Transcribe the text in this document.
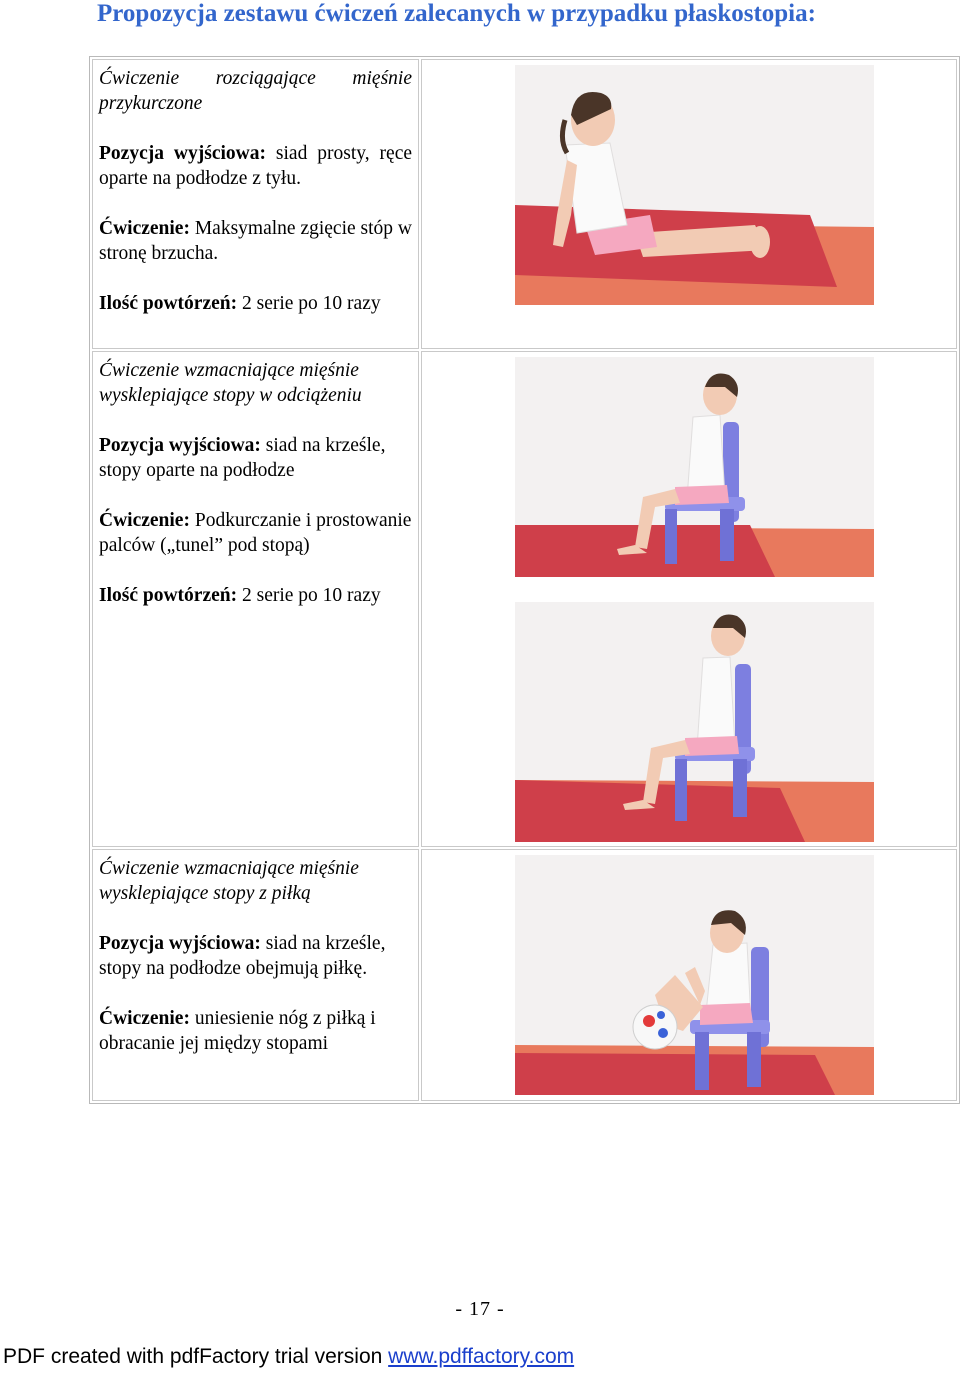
Propozycja zestawu ćwiczeń zalecanych w przypadku płaskostopia:

Ćwiczenie rozciągające mięśnie przykurczone

Pozycja wyjściowa: siad prosty, ręce oparte na podłodze z tyłu.

Ćwiczenie: Maksymalne zgięcie stóp w stronę brzucha.

Ilość powtórzeń: 2 serie po 10 razy

Ćwiczenie wzmacniające mięśnie wysklepiające stopy w odciążeniu

Pozycja wyjściowa: siad na krześle, stopy oparte na podłodze

Ćwiczenie: Podkurczanie i prostowanie palców („tunel” pod stopą)

Ilość powtórzeń: 2 serie po 10 razy

Ćwiczenie wzmacniające mięśnie wysklepiające stopy z piłką

Pozycja wyjściowa: siad na krześle, stopy na podłodze obejmują piłkę.

Ćwiczenie: uniesienie nóg z piłką i obracanie jej między stopami

- 17 -
PDF created with pdfFactory trial version www.pdffactory.com
